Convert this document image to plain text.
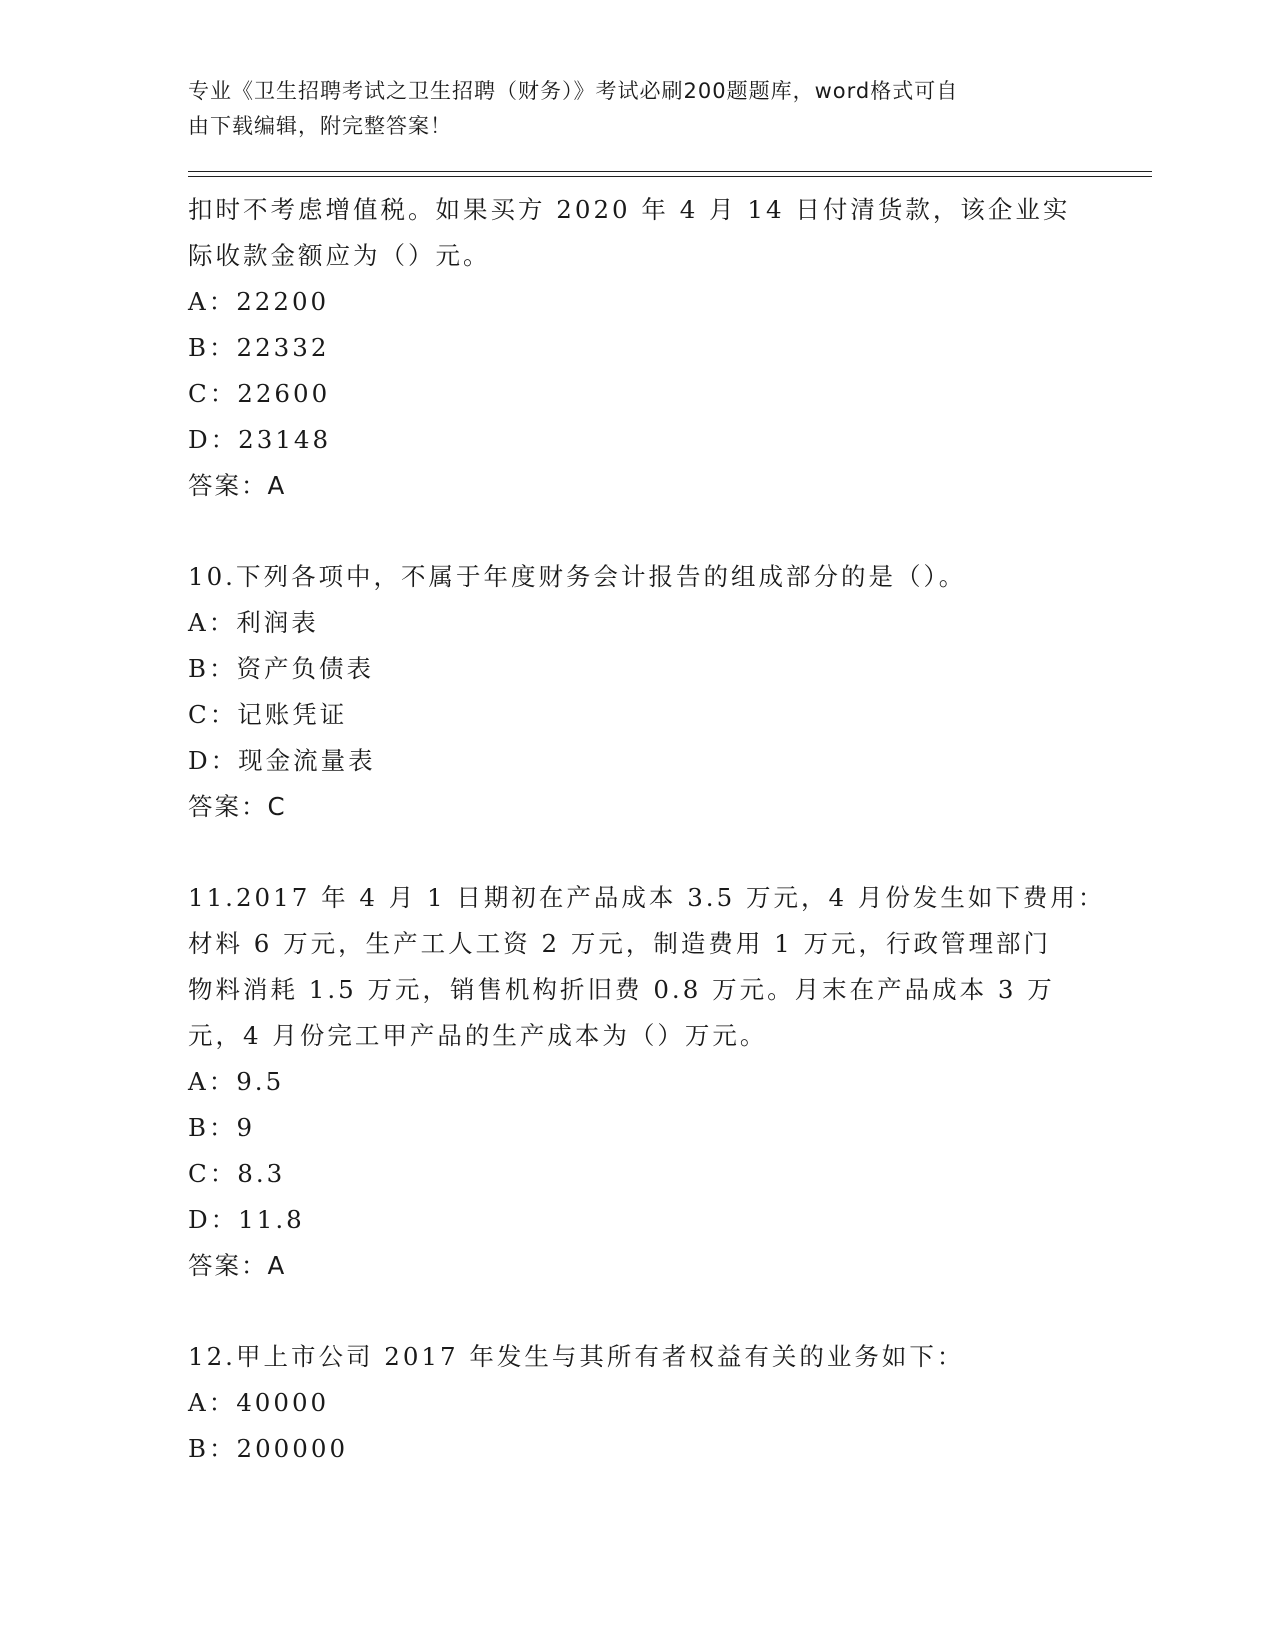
专业《卫生招聘考试之卫生招聘（财务）》考试必刷200题题库，word格式可自
由下载编辑，附完整答案！
扣时不考虑增值税。如果买方 2020 年 4 月 14 日付清货款，该企业实
际收款金额应为（）元。
A：22200
B：22332
C：22600
D：23148
答案：A
10.下列各项中，不属于年度财务会计报告的组成部分的是（）。
A：利润表
B：资产负债表
C：记账凭证
D：现金流量表
答案：C
11.2017 年 4 月 1 日期初在产品成本 3.5 万元，4 月份发生如下费用：
材料 6 万元，生产工人工资 2 万元，制造费用 1 万元，行政管理部门
物料消耗 1.5 万元，销售机构折旧费 0.8 万元。月末在产品成本 3 万
元，4 月份完工甲产品的生产成本为（）万元。
A：9.5
B：9
C：8.3
D：11.8
答案：A
12.甲上市公司 2017 年发生与其所有者权益有关的业务如下：
A：40000
B：200000
